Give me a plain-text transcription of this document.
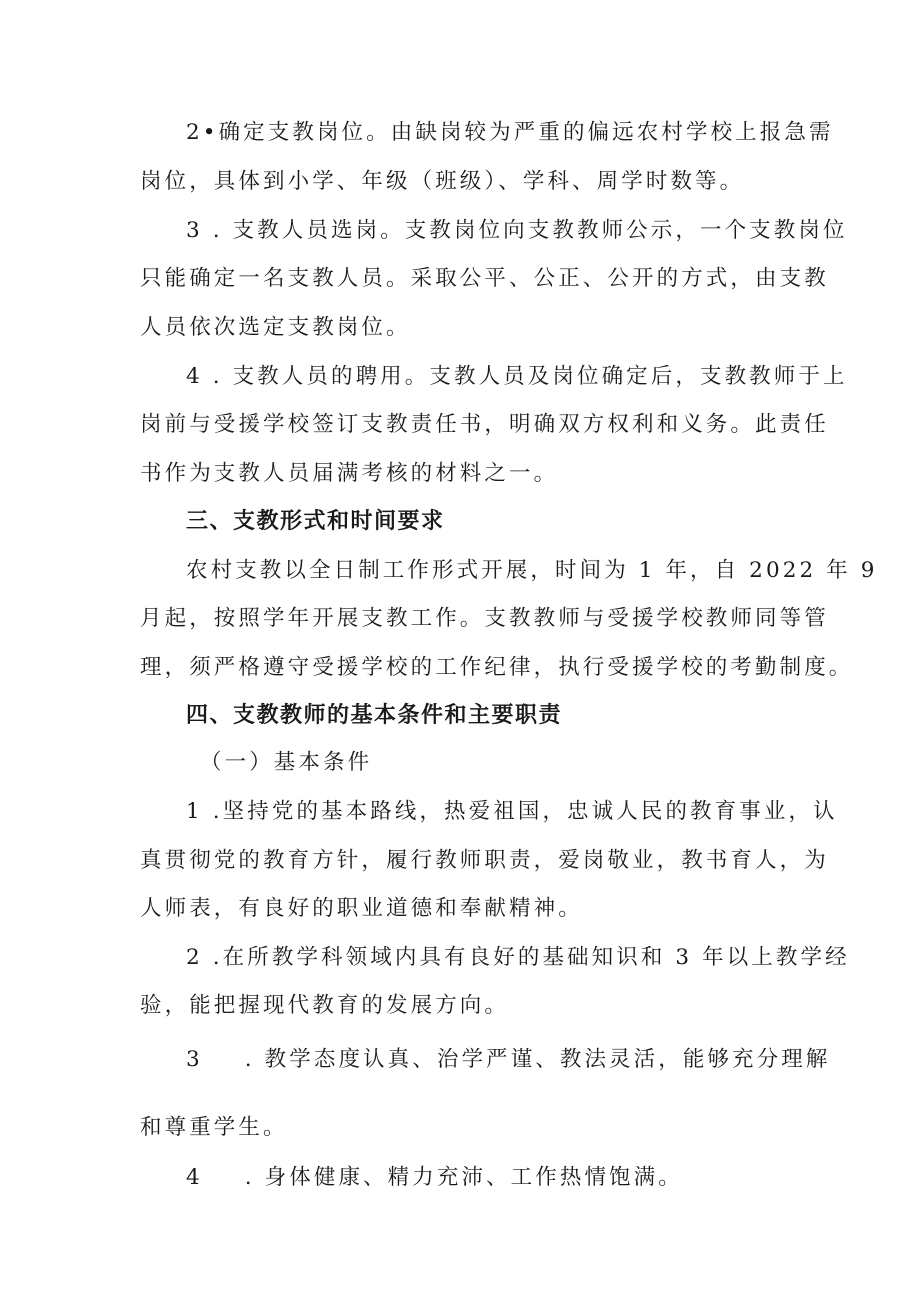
2•确定支教岗位。由缺岗较为严重的偏远农村学校上报急需
岗位，具体到小学、年级（班级）、学科、周学时数等。
3 . 支教人员选岗。支教岗位向支教教师公示，一个支教岗位
只能确定一名支教人员。采取公平、公正、公开的方式，由支教
人员依次选定支教岗位。
4 . 支教人员的聘用。支教人员及岗位确定后，支教教师于上
岗前与受援学校签订支教责任书，明确双方权利和义务。此责任
书作为支教人员届满考核的材料之一。
三、支教形式和时间要求
农村支教以全日制工作形式开展，时间为 1 年，自 2022 年 9
月起，按照学年开展支教工作。支教教师与受援学校教师同等管
理，须严格遵守受援学校的工作纪律，执行受援学校的考勤制度。
四、支教教师的基本条件和主要职责
（一）基本条件
1 .坚持党的基本路线，热爱祖国，忠诚人民的教育事业，认
真贯彻党的教育方针，履行教师职责，爱岗敬业，教书育人，为
人师表，有良好的职业道德和奉献精神。
2 .在所教学科领域内具有良好的基础知识和 3 年以上教学经
验，能把握现代教育的发展方向。
3 . 教学态度认真、治学严谨、教法灵活，能够充分理解
和尊重学生。
4 . 身体健康、精力充沛、工作热情饱满。
